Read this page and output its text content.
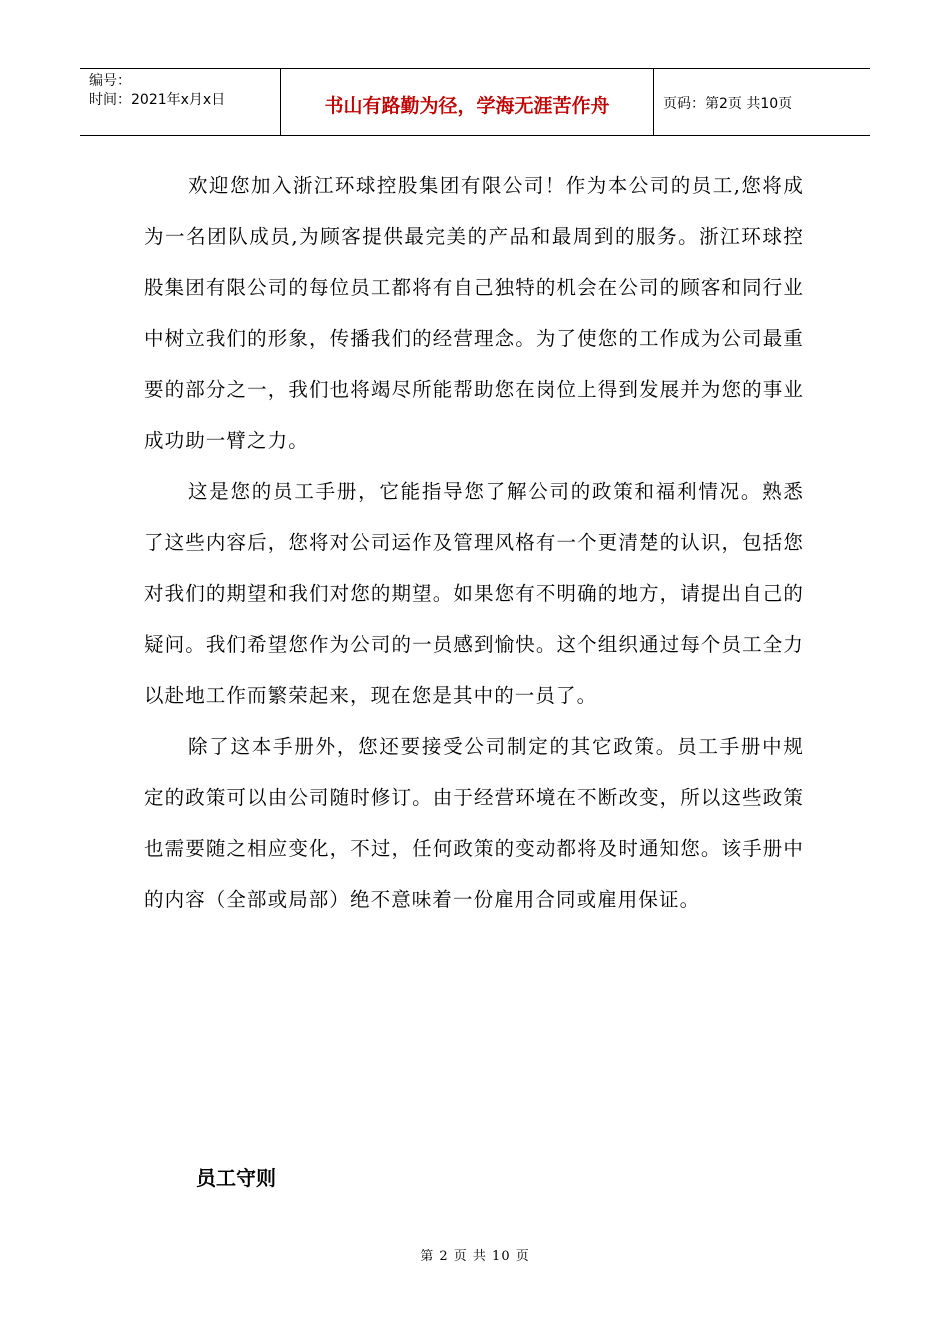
编号：
时间：2021年x月x日	书山有路勤为径，学海无涯苦作舟	页码：第2页 共10页

欢迎您加入浙江环球控股集团有限公司！作为本公司的员工,您将成为一名团队成员,为顾客提供最完美的产品和最周到的服务。浙江环球控股集团有限公司的每位员工都将有自己独特的机会在公司的顾客和同行业中树立我们的形象，传播我们的经营理念。为了使您的工作成为公司最重要的部分之一，我们也将竭尽所能帮助您在岗位上得到发展并为您的事业成功助一臂之力。

这是您的员工手册，它能指导您了解公司的政策和福利情况。熟悉了这些内容后，您将对公司运作及管理风格有一个更清楚的认识，包括您对我们的期望和我们对您的期望。如果您有不明确的地方，请提出自己的疑问。我们希望您作为公司的一员感到愉快。这个组织通过每个员工全力以赴地工作而繁荣起来，现在您是其中的一员了。

除了这本手册外，您还要接受公司制定的其它政策。员工手册中规定的政策可以由公司随时修订。由于经营环境在不断改变，所以这些政策也需要随之相应变化，不过，任何政策的变动都将及时通知您。该手册中的内容（全部或局部）绝不意味着一份雇用合同或雇用保证。

员工守则
第 2 页 共 10 页
